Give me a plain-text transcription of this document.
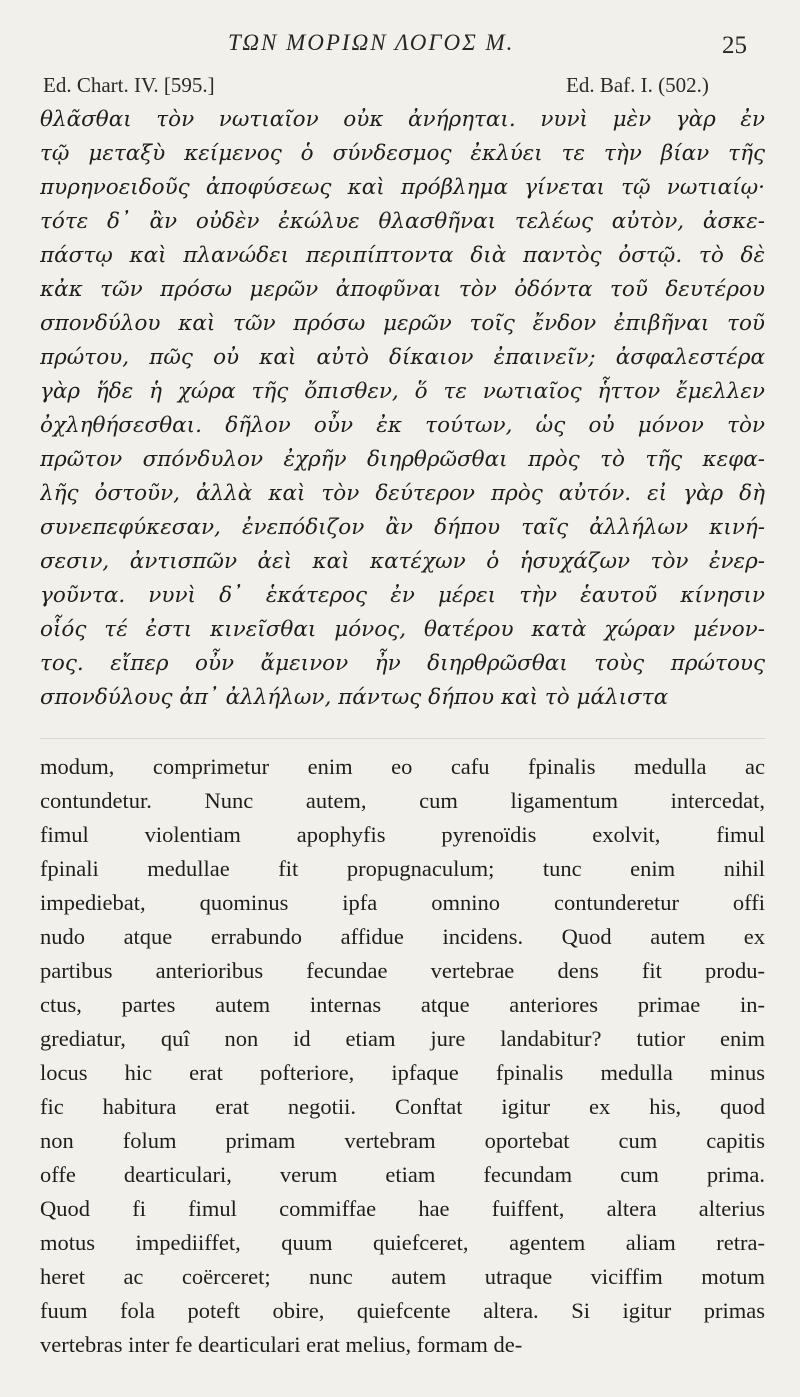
ΤΩΝ ΜΟΡΙΩΝ ΛΟΓΟΣ Μ.	25
Ed. Chart. IV. [595.]	Ed. Baf. I. (502.)
θλᾶσθαι τὸν νωτιαῖον οὐκ ἀνήρηται. νυνὶ μὲν γὰρ ἐν
τῷ μεταξὺ κείμενος ὁ σύνδεσμος ἐκλύει τε τὴν βίαν τῆς
πυρηνοειδοῦς ἀποφύσεως καὶ πρόβλημα γίνεται τῷ νωτιαίῳ·
τότε δ᾽ ἂν οὐδὲν ἐκώλυε θλασθῆναι τελέως αὐτὸν, ἀσκε-
πάστῳ καὶ πλανώδει περιπίπτοντα διὰ παντὸς ὀστῷ. τὸ δὲ
κἀκ τῶν πρόσω μερῶν ἀποφῦναι τὸν ὀδόντα τοῦ δευτέρου
σπονδύλου καὶ τῶν πρόσω μερῶν τοῖς ἔνδον ἐπιβῆναι τοῦ
πρώτου, πῶς οὐ καὶ αὐτὸ δίκαιον ἐπαινεῖν; ἀσφαλεστέρα
γὰρ ἥδε ἡ χώρα τῆς ὄπισθεν, ὅ τε νωτιαῖος ἧττον ἔμελλεν
ὀχληθήσεσθαι. δῆλον οὖν ἐκ τούτων, ὡς οὐ μόνον τὸν
πρῶτον σπόνδυλον ἐχρῆν διηρθρῶσθαι πρὸς τὸ τῆς κεφα-
λῆς ὀστοῦν, ἀλλὰ καὶ τὸν δεύτερον πρὸς αὐτόν. εἰ γὰρ δὴ
συνεπεφύκεσαν, ἐνεπόδιζον ἂν δήπου ταῖς ἀλλήλων κινή-
σεσιν, ἀντισπῶν ἀεὶ καὶ κατέχων ὁ ἡσυχάζων τὸν ἐνερ-
γοῦντα. νυνὶ δ᾽ ἑκάτερος ἐν μέρει τὴν ἑαυτοῦ κίνησιν
οἷός τέ ἐστι κινεῖσθαι μόνος, θατέρου κατὰ χώραν μένον-
τος. εἴπερ οὖν ἄμεινον ἦν διηρθρῶσθαι τοὺς πρώτους
σπονδύλους ἀπ᾽ ἀλλήλων, πάντως δήπου καὶ τὸ μάλιστα
modum, comprimetur enim eo cafu fpinalis medulla ac
contundetur. Nunc autem, cum ligamentum intercedat,
fimul violentiam apophyfis pyrenoïdis exolvit, fimul
fpinali medullae fit propugnaculum; tunc enim nihil
impediebat, quominus ipfa omnino contunderetur offi
nudo atque errabundo affidue incidens. Quod autem ex
partibus anterioribus fecundae vertebrae dens fit produ-
ctus, partes autem internas atque anteriores primae in-
grediatur, quî non id etiam jure landabitur? tutior enim
locus hic erat pofteriore, ipfaque fpinalis medulla minus
fic habitura erat negotii. Conftat igitur ex his, quod
non folum primam vertebram oportebat cum capitis
offe dearticulari, verum etiam fecundam cum prima.
Quod fi fimul commiffae hae fuiffent, altera alterius
motus impediiffet, quum quiefceret, agentem aliam retra-
heret ac coërceret; nunc autem utraque viciffim motum
fuum fola poteft obire, quiefcente altera. Si igitur primas
vertebras inter fe dearticulari erat melius, formam de-
